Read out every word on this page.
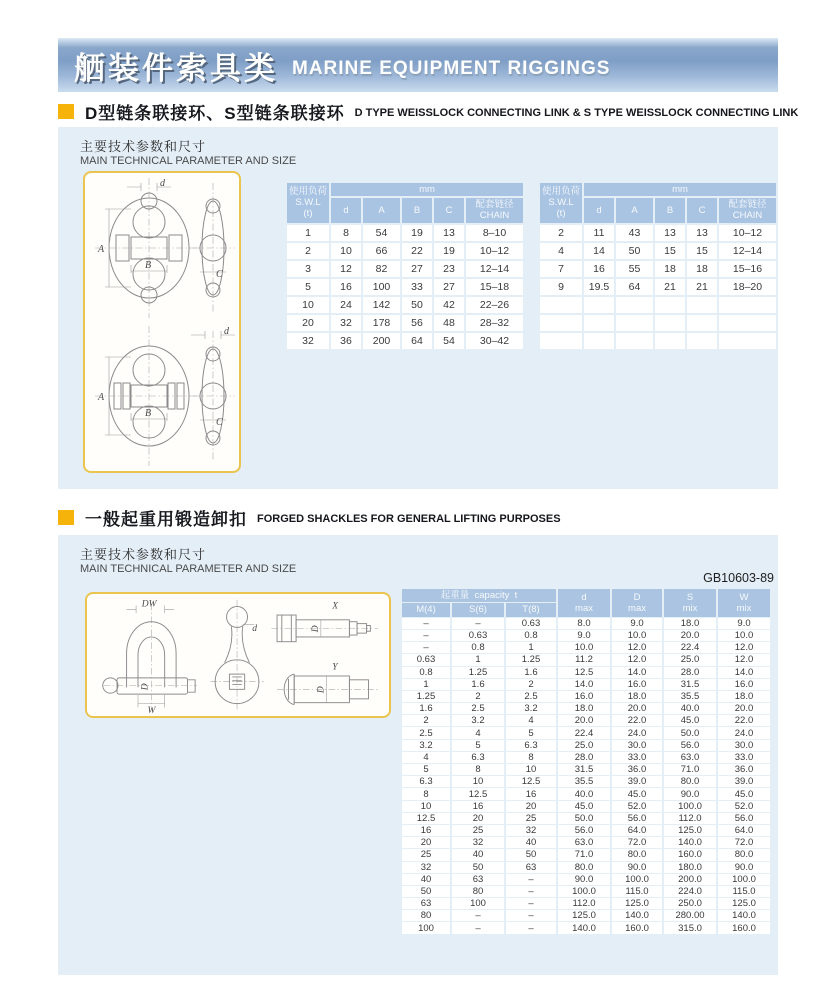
舾装件索具类 MARINE EQUIPMENT RIGGINGS
D型链条联接环、S型链条联接环 D TYPE WEISSLOCK CONNECTING LINK & S TYPE WEISSLOCK CONNECTING LINK
主要技术参数和尺寸
MAIN TECHNICAL PARAMETER AND SIZE
d
A
B
C
d
A
B
C
使用负荷
S.W.L
(t)	mm				
	d	A	B	C	配套链径
CHAIN

1	8	54	19	13	8–10
2	10	66	22	19	10–12
3	12	82	27	23	12–14
5	16	100	33	27	15–18
10	24	142	50	42	22–26
20	32	178	56	48	28–32
32	36	200	64	54	30–42
使用负荷
S.W.L
(t)	mm				
	d	A	B	C	配套链径
CHAIN

2	11	43	13	13	10–12
4	14	50	15	15	12–14
7	16	55	18	18	15–16
9	19.5	64	21	21	18–20

一般起重用锻造卸扣 FORGED SHACKLES FOR GENERAL LIFTING PURPOSES
主要技术参数和尺寸
MAIN TECHNICAL PARAMETER AND SIZE
GB10603-89
DW
W
D
d
X
D
Y
D
起重量 capacity t	d
max

D
max

S
mix

W
mix

M(4)	S(6)	T(8)				
–	–	0.63	8.0	9.0	18.0	9.0
–	0.63	0.8	9.0	10.0	20.0	10.0
–	0.8	1	10.0	12.0	22.4	12.0
0.63	1	1.25	11.2	12.0	25.0	12.0
0.8	1.25	1.6	12.5	14.0	28.0	14.0
1	1.6	2	14.0	16.0	31.5	16.0
1.25	2	2.5	16.0	18.0	35.5	18.0
1.6	2.5	3.2	18.0	20.0	40.0	20.0
2	3.2	4	20.0	22.0	45.0	22.0
2.5	4	5	22.4	24.0	50.0	24.0
3.2	5	6.3	25.0	30.0	56.0	30.0
4	6.3	8	28.0	33.0	63.0	33.0
5	8	10	31.5	36.0	71.0	36.0
6.3	10	12.5	35.5	39.0	80.0	39.0
8	12.5	16	40.0	45.0	90.0	45.0
10	16	20	45.0	52.0	100.0	52.0
12.5	20	25	50.0	56.0	112.0	56.0
16	25	32	56.0	64.0	125.0	64.0
20	32	40	63.0	72.0	140.0	72.0
25	40	50	71.0	80.0	160.0	80.0
32	50	63	80.0	90.0	180.0	90.0
40	63	–	90.0	100.0	200.0	100.0
50	80	–	100.0	115.0	224.0	115.0
63	100	–	112.0	125.0	250.0	125.0
80	–	–	125.0	140.0	280.00	140.0
100	–	–	140.0	160.0	315.0	160.0
